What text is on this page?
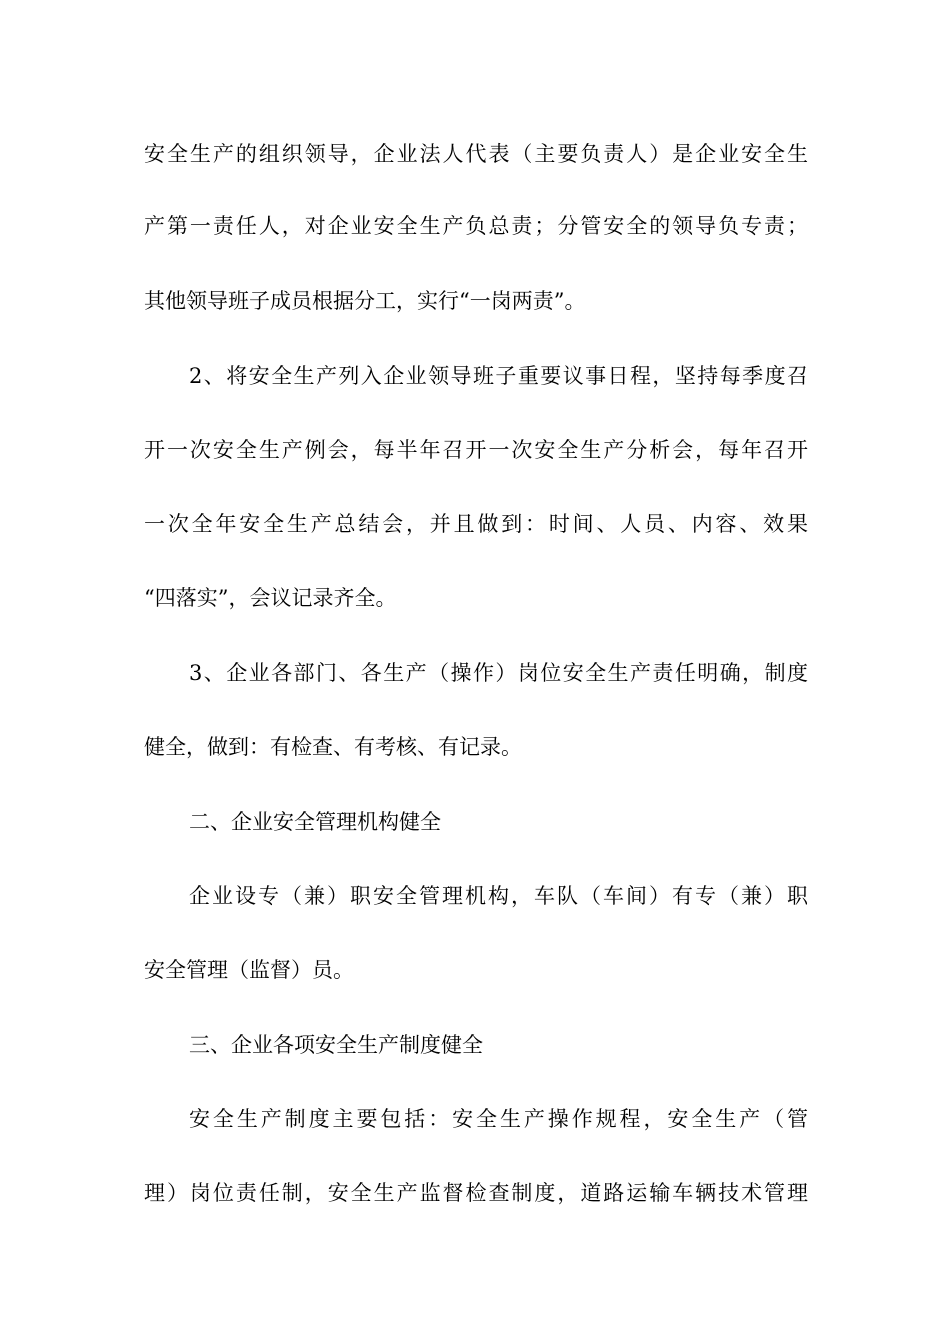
安全生产的组织领导，企业法人代表（主要负责人）是企业安全生
产第一责任人，对企业安全生产负总责；分管安全的领导负专责；
其他领导班子成员根据分工，实行“一岗两责”。
2、将安全生产列入企业领导班子重要议事日程，坚持每季度召
开一次安全生产例会，每半年召开一次安全生产分析会，每年召开
一次全年安全生产总结会，并且做到：时间、人员、内容、效果
“四落实”，会议记录齐全。
3、企业各部门、各生产（操作）岗位安全生产责任明确，制度
健全，做到：有检查、有考核、有记录。
二、企业安全管理机构健全
企业设专（兼）职安全管理机构，车队（车间）有专（兼）职
安全管理（监督）员。
三、企业各项安全生产制度健全
安全生产制度主要包括：安全生产操作规程，安全生产（管
理）岗位责任制，安全生产监督检查制度，道路运输车辆技术管理
